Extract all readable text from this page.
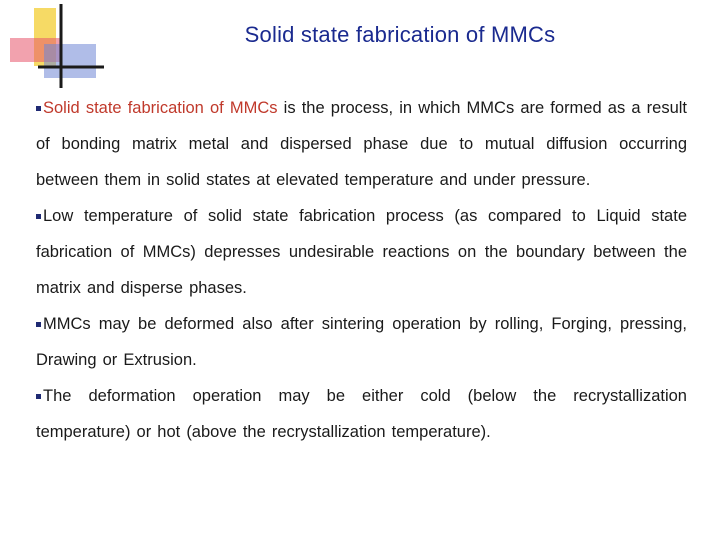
Solid state fabrication of MMCs

Solid state fabrication of MMCs is the process, in which MMCs are formed as a result of bonding matrix metal and dispersed phase due to mutual diffusion occurring between them in solid states at elevated temperature and under pressure.

Low temperature of solid state fabrication process (as compared to Liquid state fabrication of MMCs) depresses undesirable reactions on the boundary between the matrix and disperse phases.

MMCs may be deformed also after sintering operation by rolling, Forging, pressing, Drawing or Extrusion.

The deformation operation may be either cold (below the recrystallization temperature) or hot (above the recrystallization temperature).
